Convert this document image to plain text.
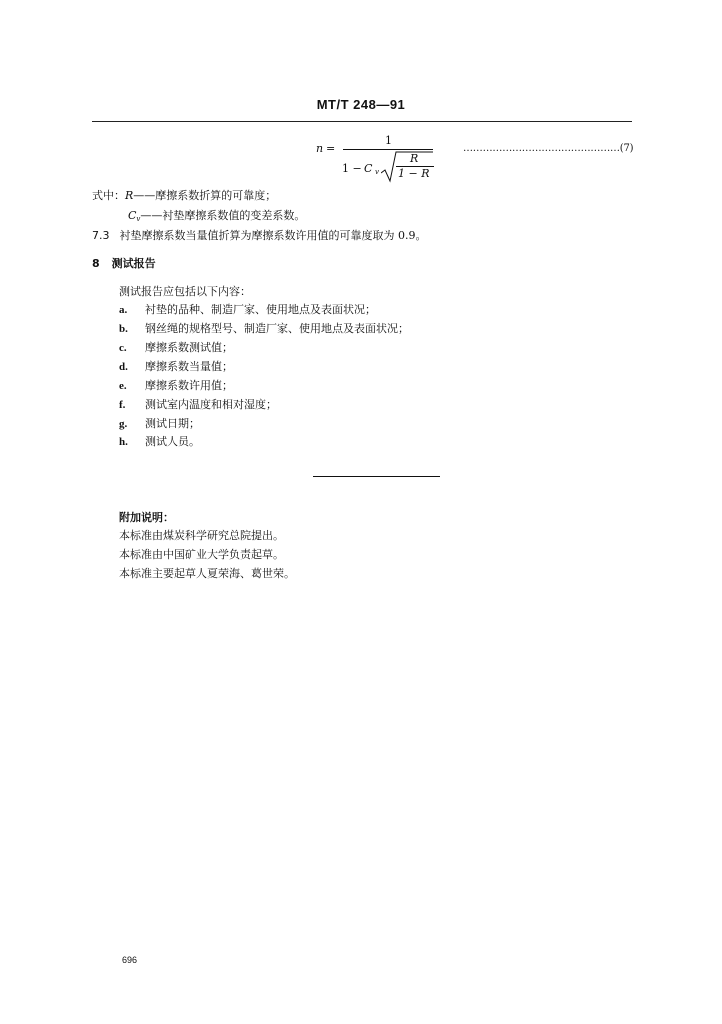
MT/T 248—91
n =
1
1 − C v
R
1 − R
…………………………………………(7)
式中：R——摩擦系数折算的可靠度；
$C_v——$衬垫摩擦系数值的变差系数。
7.3 衬垫摩擦系数当量值折算为摩擦系数许用值的可靠度取为 0.9。
8 测试报告
测试报告应包括以下内容：
a. 衬垫的品种、制造厂家、使用地点及表面状况；
b. 钢丝绳的规格型号、制造厂家、使用地点及表面状况；
c. 摩擦系数测试值；
d. 摩擦系数当量值；
e. 摩擦系数许用值；
f. 测试室内温度和相对湿度；
g. 测试日期；
h. 测试人员。
附加说明：
本标准由煤炭科学研究总院提出。
本标准由中国矿业大学负责起草。
本标准主要起草人夏荣海、葛世荣。
696
